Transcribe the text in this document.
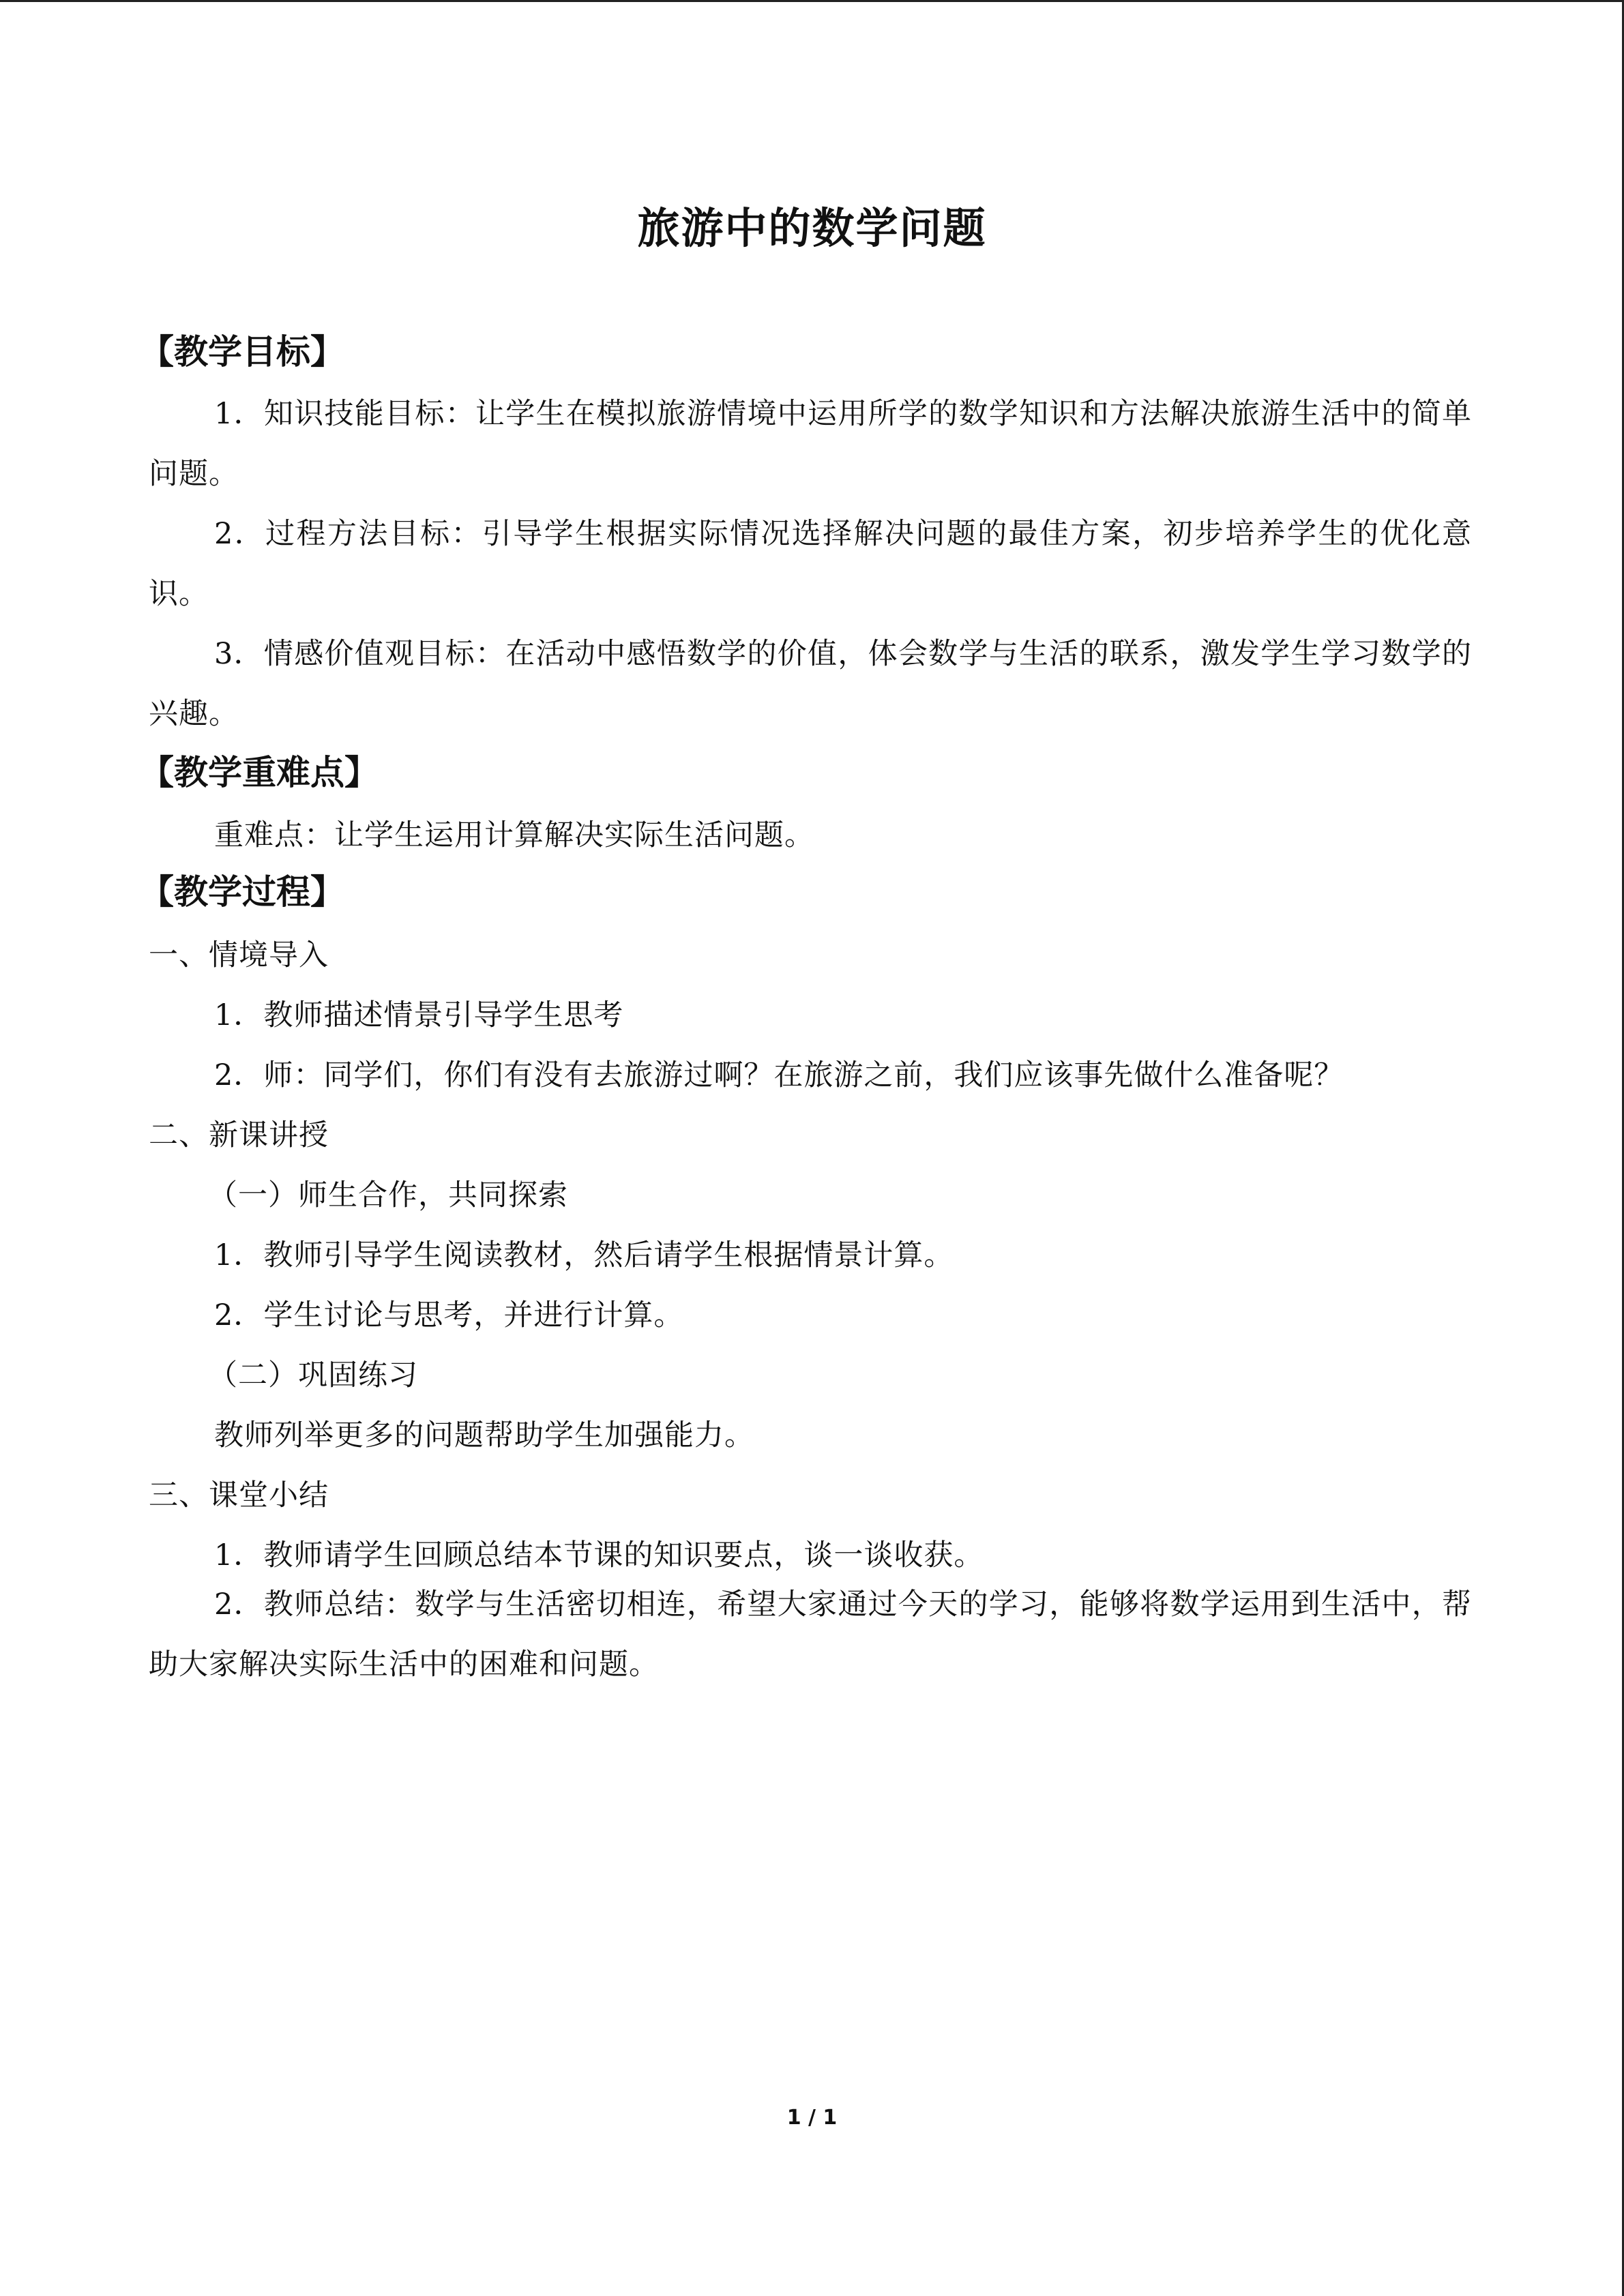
旅游中的数学问题
【教学目标】
1．知识技能目标：让学生在模拟旅游情境中运用所学的数学知识和方法解决旅游生活中的简单问题。
2．过程方法目标：引导学生根据实际情况选择解决问题的最佳方案，初步培养学生的优化意识。
3．情感价值观目标：在活动中感悟数学的价值，体会数学与生活的联系，激发学生学习数学的兴趣。
【教学重难点】
重难点：让学生运用计算解决实际生活问题。
【教学过程】
一、情境导入
1．教师描述情景引导学生思考
2．师：同学们，你们有没有去旅游过啊？在旅游之前，我们应该事先做什么准备呢？
二、新课讲授
（一）师生合作，共同探索
1．教师引导学生阅读教材，然后请学生根据情景计算。
2．学生讨论与思考，并进行计算。
（二）巩固练习
教师列举更多的问题帮助学生加强能力。
三、课堂小结
1．教师请学生回顾总结本节课的知识要点，谈一谈收获。
2．教师总结：数学与生活密切相连，希望大家通过今天的学习，能够将数学运用到生活中，帮助大家解决实际生活中的困难和问题。
1 / 1
